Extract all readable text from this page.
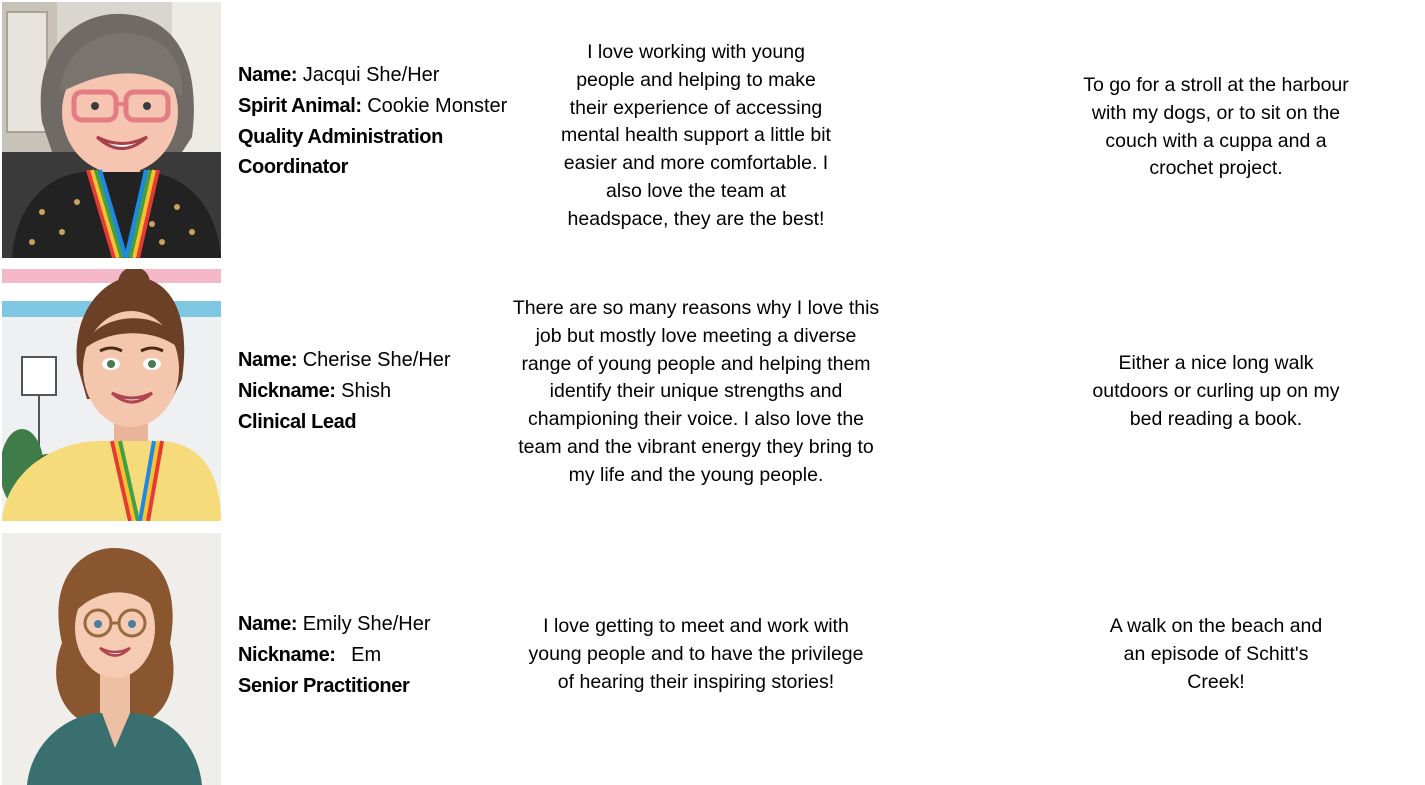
Name: Jacqui She/Her
Spirit Animal: Cookie Monster
Quality Administration
Coordinator
I love working with young
people and helping to make
their experience of accessing
mental health support a little bit
easier and more comfortable. I
also love the team at
headspace, they are the best!
To go for a stroll at the harbour
with my dogs, or to sit on the
couch with a cuppa and a
crochet project.
Name: Cherise She/Her
Nickname: Shish
Clinical Lead
There are so many reasons why I love this
job but mostly love meeting a diverse
range of young people and helping them
identify their unique strengths and
championing their voice. I also love the
team and the vibrant energy they bring to
my life and the young people.
Either a nice long walk
outdoors or curling up on my
bed reading a book.
Name: Emily She/Her
Nickname: Em
Senior Practitioner
I love getting to meet and work with
young people and to have the privilege
of hearing their inspiring stories!
A walk on the beach and
an episode of Schitt's
Creek!
